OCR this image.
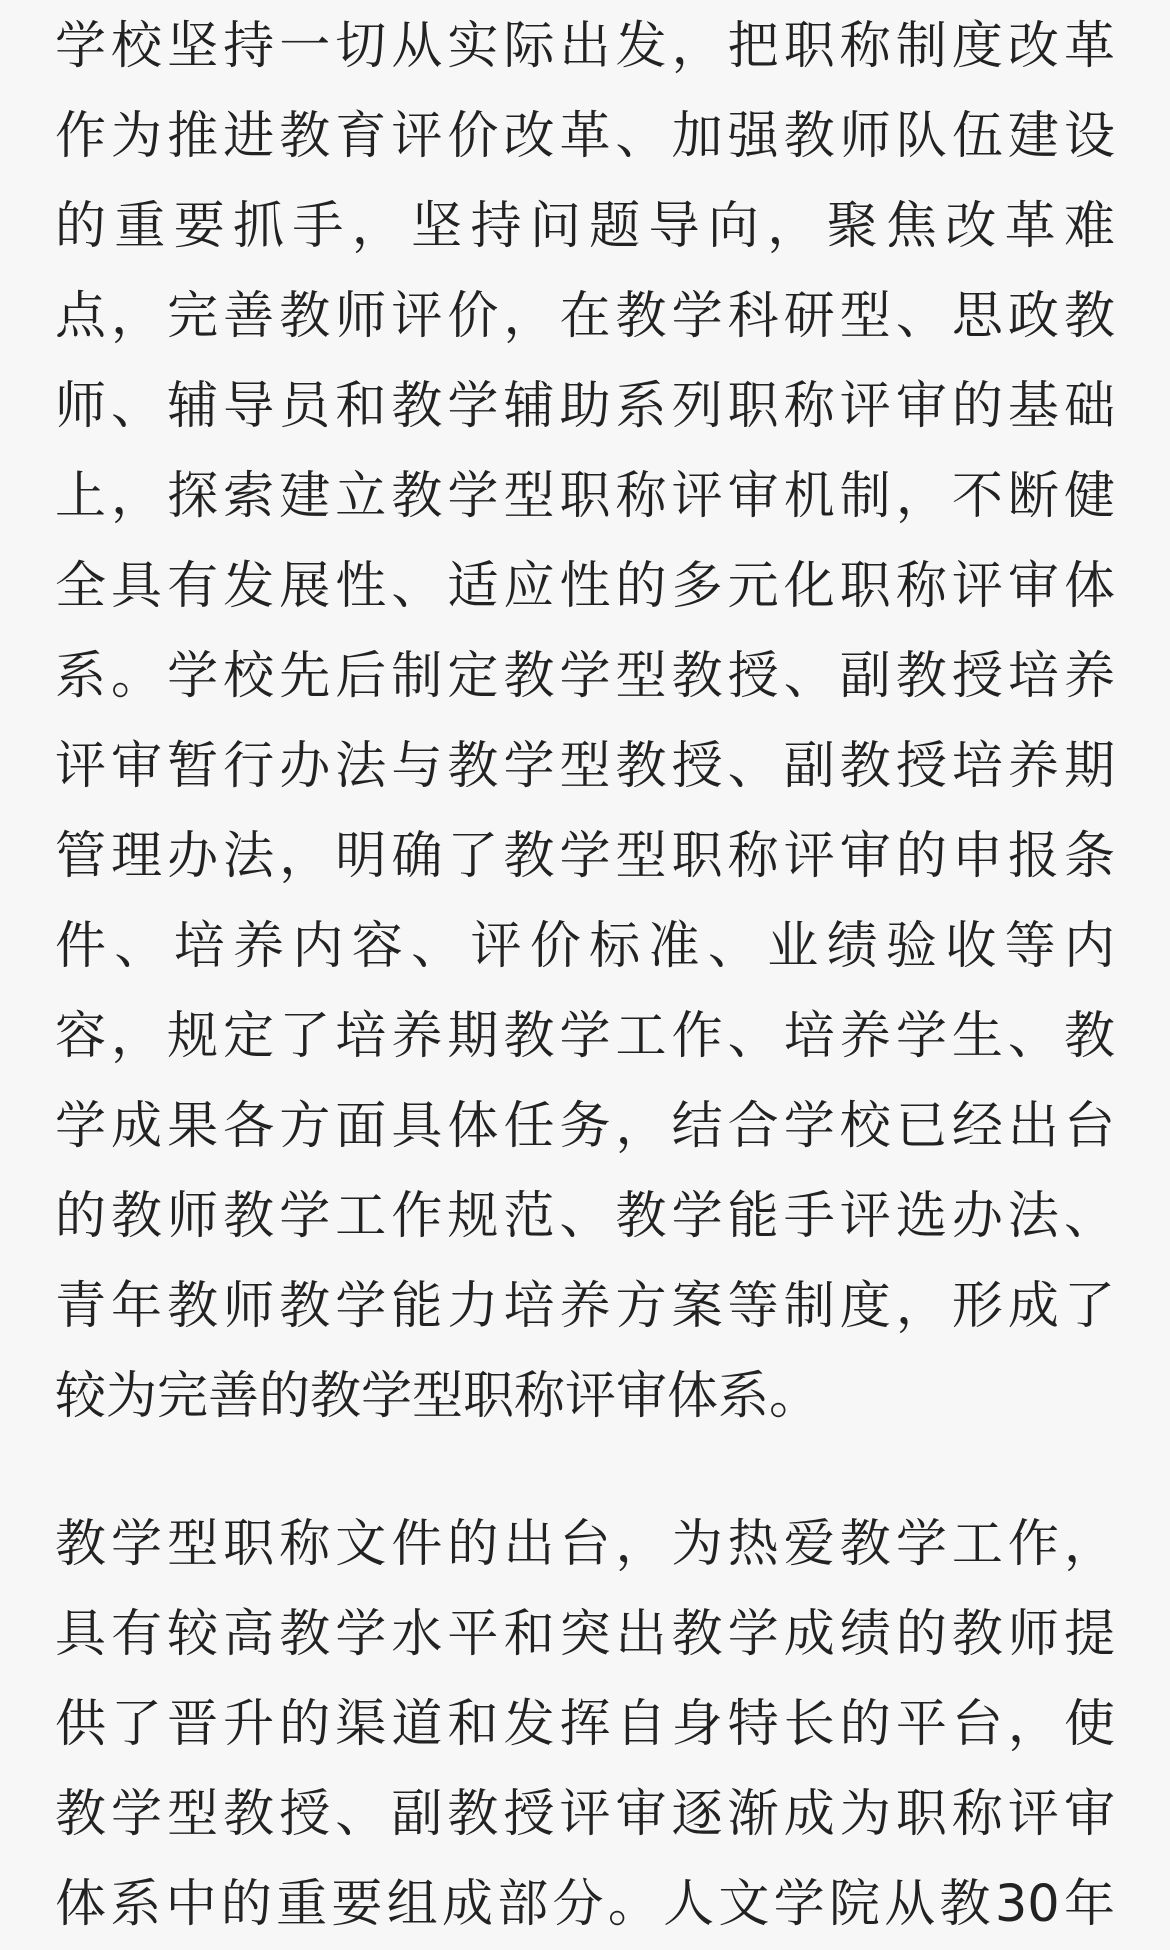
学校坚持一切从实际出发，把职称制度改革
作为推进教育评价改革、加强教师队伍建设
的重要抓手，坚持问题导向，聚焦改革难
点，完善教师评价，在教学科研型、思政教
师、辅导员和教学辅助系列职称评审的基础
上，探索建立教学型职称评审机制，不断健
全具有发展性、适应性的多元化职称评审体
系。学校先后制定教学型教授、副教授培养
评审暂行办法与教学型教授、副教授培养期
管理办法，明确了教学型职称评审的申报条
件、培养内容、评价标准、业绩验收等内
容，规定了培养期教学工作、培养学生、教
学成果各方面具体任务，结合学校已经出台
的教师教学工作规范、教学能手评选办法、
青年教师教学能力培养方案等制度，形成了
较为完善的教学型职称评审体系。
教学型职称文件的出台，为热爱教学工作，
具有较高教学水平和突出教学成绩的教师提
供了晋升的渠道和发挥自身特长的平台，使
教学型教授、副教授评审逐渐成为职称评审
体系中的重要组成部分。人文学院从教30年
